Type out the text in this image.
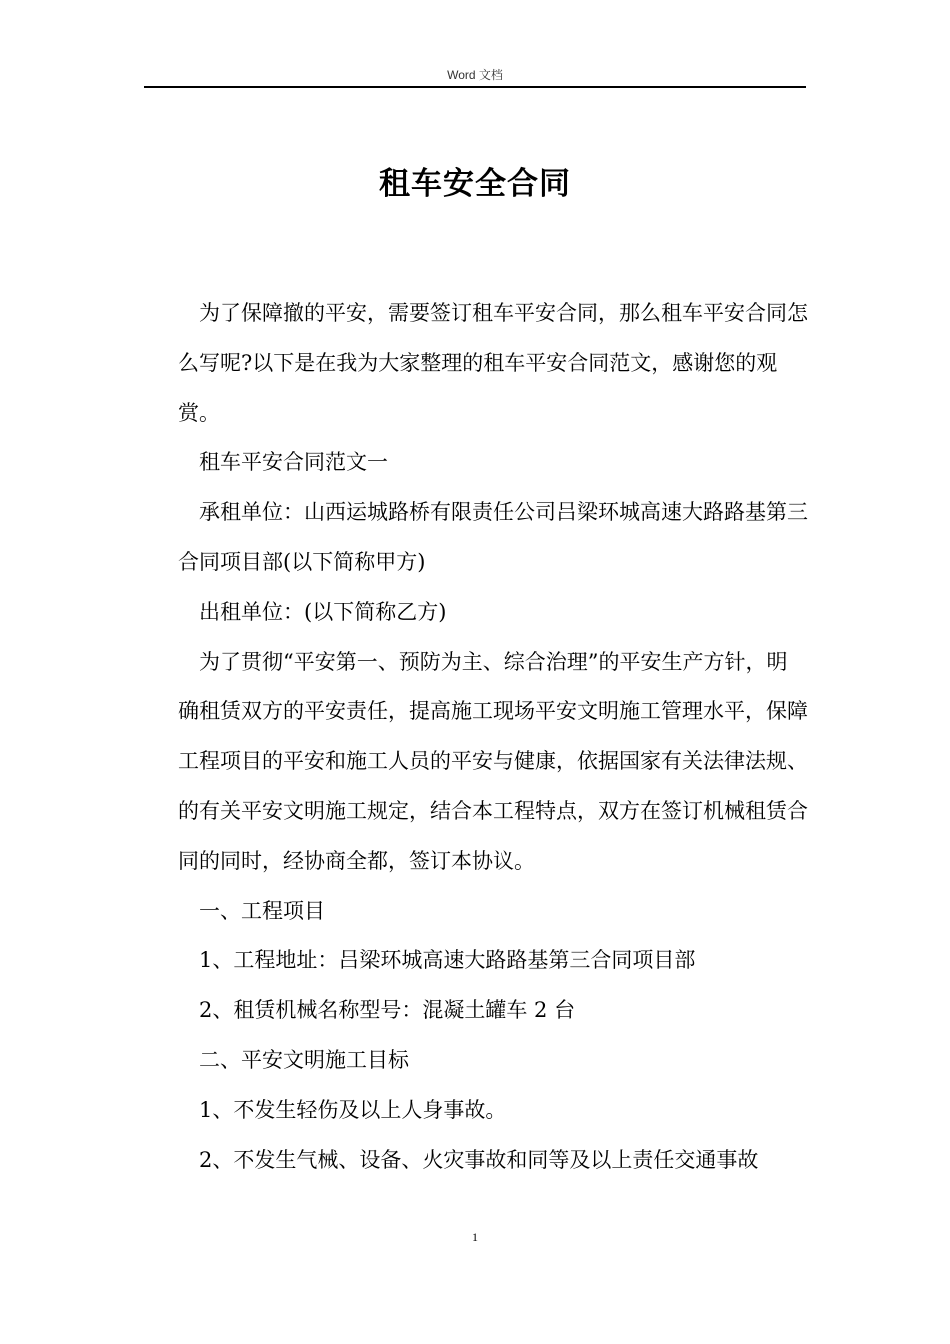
Word 文档
租车安全合同

为了保障撤的平安，需要签订租车平安合同，那么租车平安合同怎么写呢?以下是在我为大家整理的租车平安合同范文，感谢您的观赏。

租车平安合同范文一

承租单位：山西运城路桥有限责任公司吕梁环城高速大路路基第三合同项目部(以下简称甲方)

出租单位：(以下简称乙方)

为了贯彻“平安第一、预防为主、综合治理”的平安生产方针，明确租赁双方的平安责任，提高施工现场平安文明施工管理水平，保障工程项目的平安和施工人员的平安与健康，依据国家有关法律法规、的有关平安文明施工规定，结合本工程特点，双方在签订机械租赁合同的同时，经协商全都，签订本协议。

一、工程项目

1、工程地址：吕梁环城高速大路路基第三合同项目部

2、租赁机械名称型号：混凝土罐车 2 台

二、平安文明施工目标

1、不发生轻伤及以上人身事故。

2、不发生气械、设备、火灾事故和同等及以上责任交通事故

1
